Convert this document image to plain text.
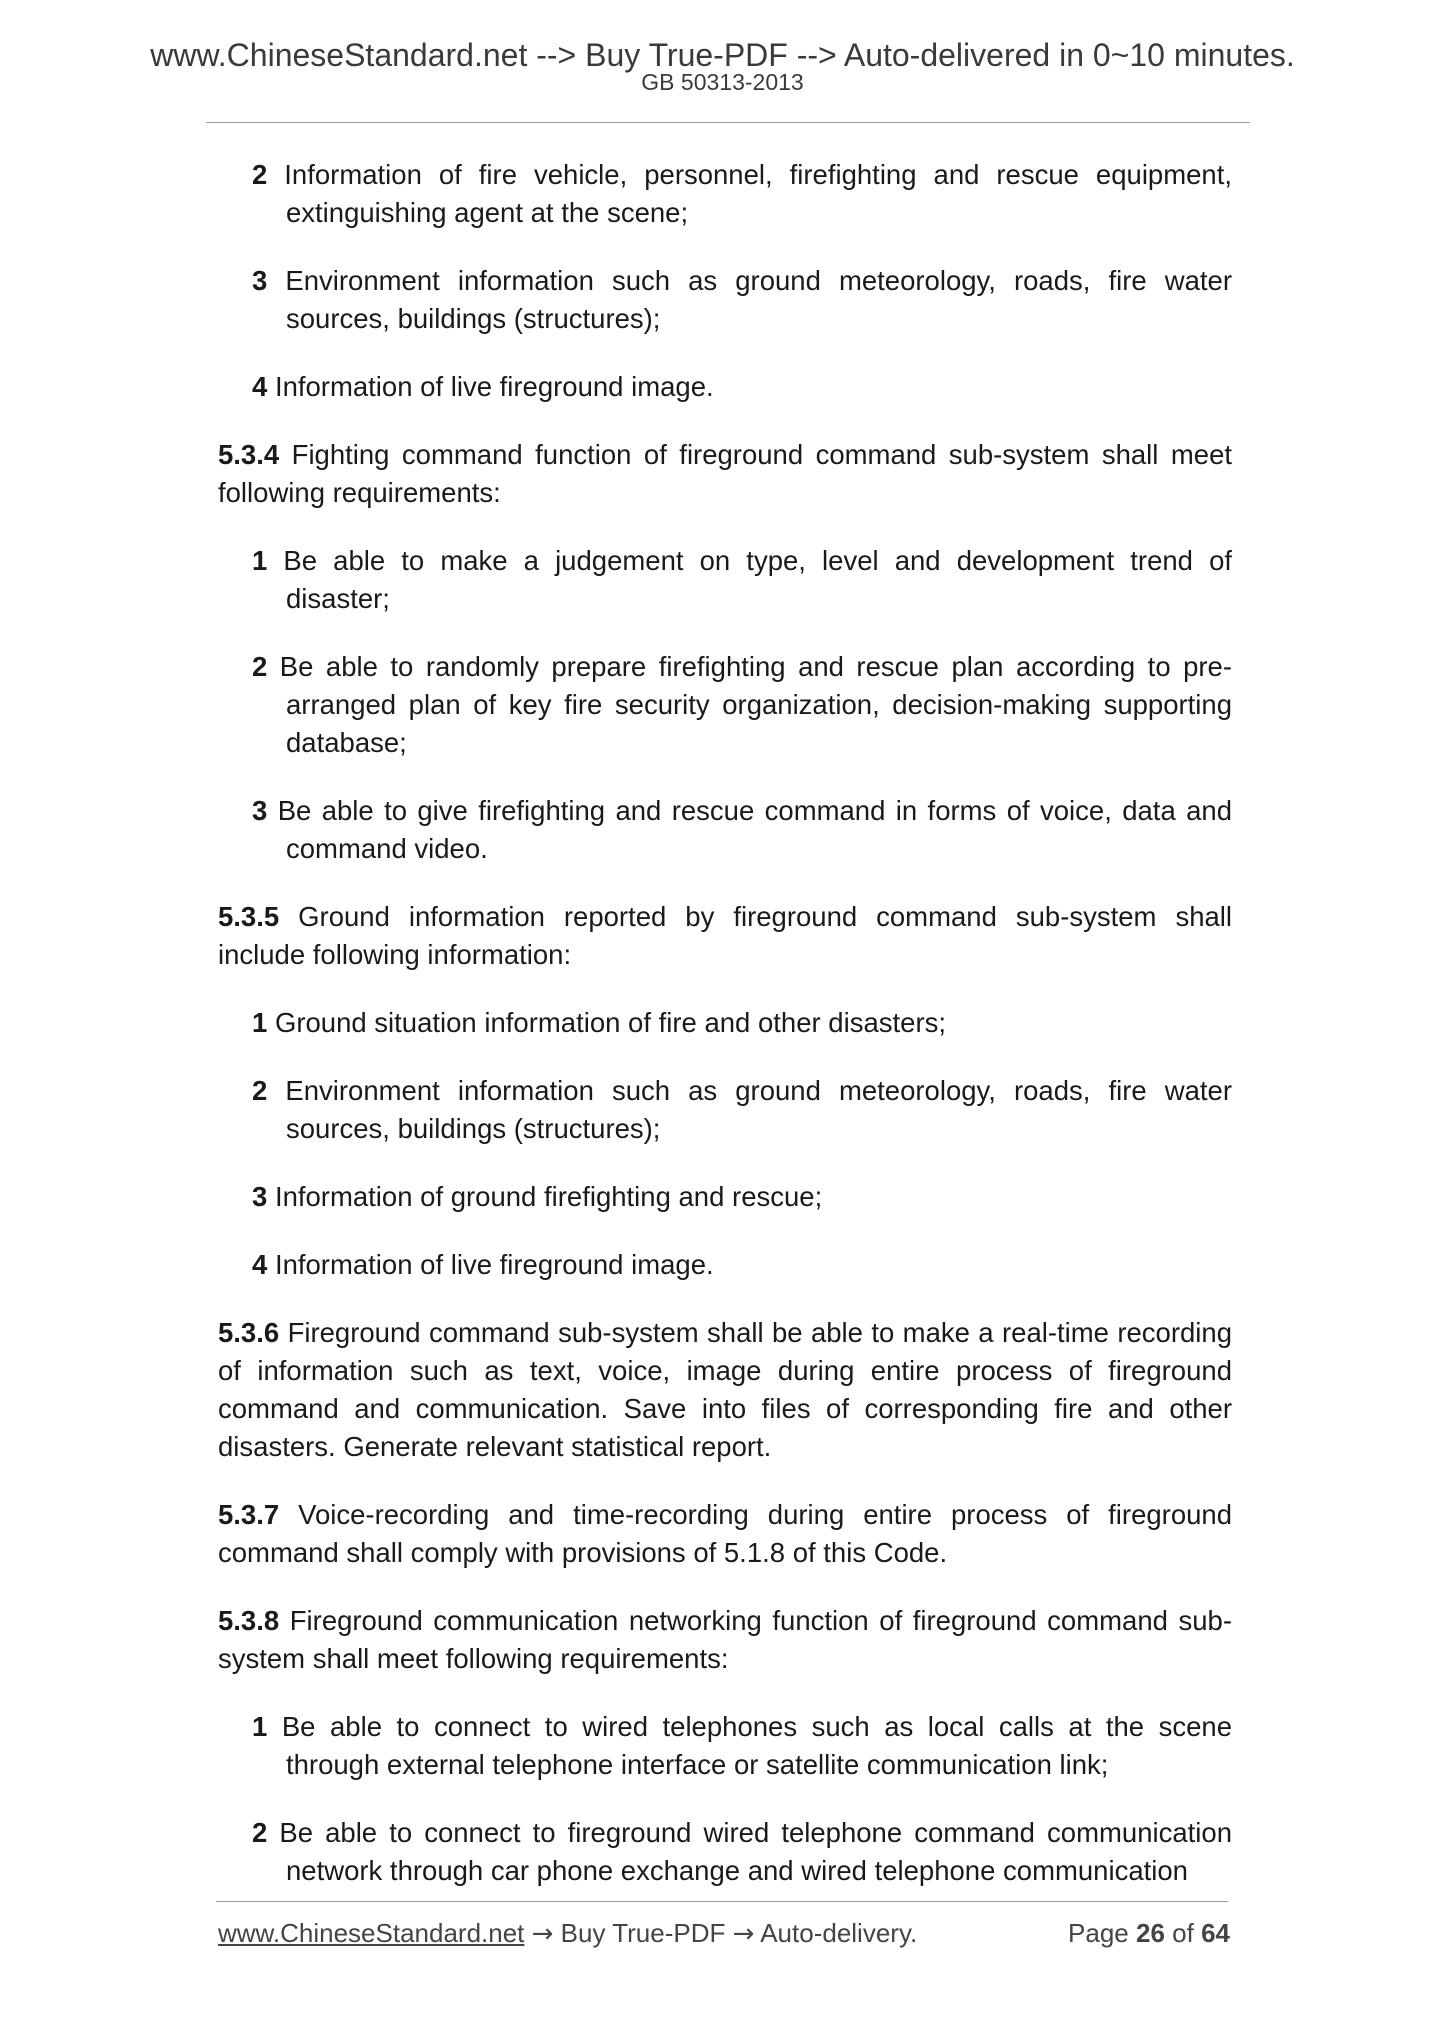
www.ChineseStandard.net --> Buy True-PDF --> Auto-delivered in 0~10 minutes.
GB 50313-2013

2 Information of fire vehicle, personnel, firefighting and rescue equipment, extinguishing agent at the scene;

3 Environment information such as ground meteorology, roads, fire water sources, buildings (structures);

4 Information of live fireground image.

5.3.4 Fighting command function of fireground command sub-system shall meet following requirements:

1 Be able to make a judgement on type, level and development trend of disaster;

2 Be able to randomly prepare firefighting and rescue plan according to pre-arranged plan of key fire security organization, decision-making supporting database;

3 Be able to give firefighting and rescue command in forms of voice, data and command video.

5.3.5 Ground information reported by fireground command sub-system shall include following information:

1 Ground situation information of fire and other disasters;

2 Environment information such as ground meteorology, roads, fire water sources, buildings (structures);

3 Information of ground firefighting and rescue;

4 Information of live fireground image.

5.3.6 Fireground command sub-system shall be able to make a real-time recording of information such as text, voice, image during entire process of fireground command and communication. Save into files of corresponding fire and other disasters. Generate relevant statistical report.

5.3.7 Voice-recording and time-recording during entire process of fireground command shall comply with provisions of 5.1.8 of this Code.

5.3.8 Fireground communication networking function of fireground command sub-system shall meet following requirements:

1 Be able to connect to wired telephones such as local calls at the scene through external telephone interface or satellite communication link;

2 Be able to connect to fireground wired telephone command communication network through car phone exchange and wired telephone communication

www.ChineseStandard.net → Buy True-PDF → Auto-delivery.	Page 26 of 64
